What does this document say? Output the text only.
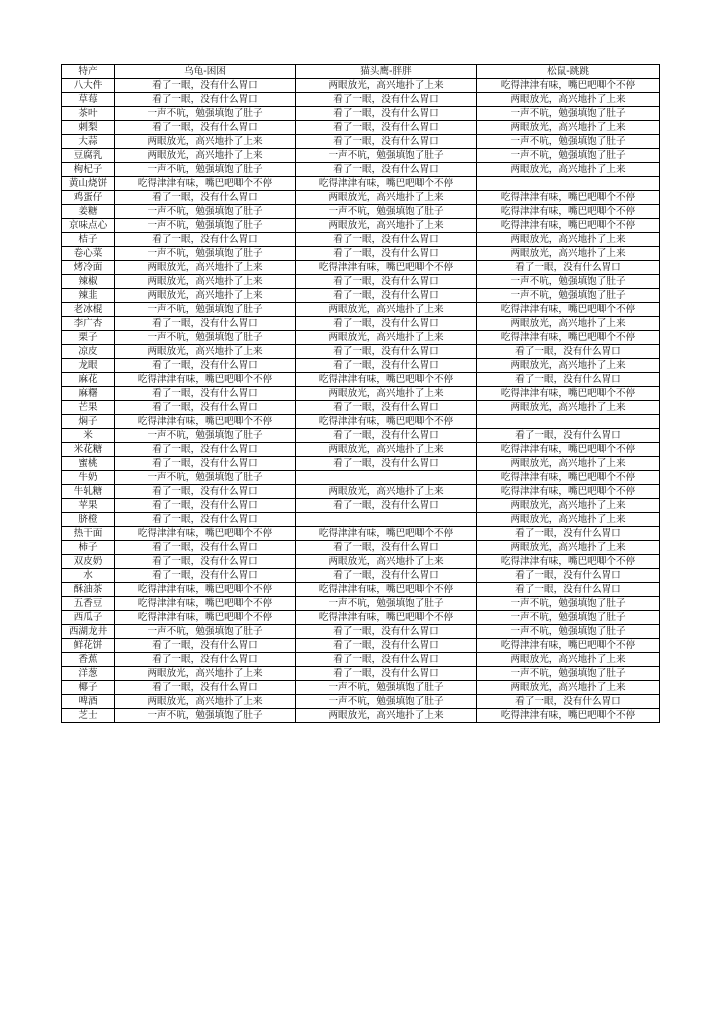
特产	乌龟-困困	猫头鹰-胖胖	松鼠-跳跳
八大件	看了一眼，没有什么胃口	两眼放光，高兴地扑了上来	吃得津津有味，嘴巴吧唧个不停
草莓	看了一眼，没有什么胃口	看了一眼，没有什么胃口	两眼放光，高兴地扑了上来
茶叶	一声不吭，勉强填饱了肚子	看了一眼，没有什么胃口	一声不吭，勉强填饱了肚子
刺梨	看了一眼，没有什么胃口	看了一眼，没有什么胃口	两眼放光，高兴地扑了上来
大蒜	两眼放光，高兴地扑了上来	看了一眼，没有什么胃口	一声不吭，勉强填饱了肚子
豆腐乳	两眼放光，高兴地扑了上来	一声不吭，勉强填饱了肚子	一声不吭，勉强填饱了肚子
枸杞子	一声不吭，勉强填饱了肚子	看了一眼，没有什么胃口	两眼放光，高兴地扑了上来
黄山烧饼	吃得津津有味，嘴巴吧唧个不停	吃得津津有味，嘴巴吧唧个不停	
鸡蛋仔	看了一眼，没有什么胃口	两眼放光，高兴地扑了上来	吃得津津有味，嘴巴吧唧个不停
姜糖	一声不吭，勉强填饱了肚子	一声不吭，勉强填饱了肚子	吃得津津有味，嘴巴吧唧个不停
京味点心	一声不吭，勉强填饱了肚子	两眼放光，高兴地扑了上来	吃得津津有味，嘴巴吧唧个不停
桔子	看了一眼，没有什么胃口	看了一眼，没有什么胃口	两眼放光，高兴地扑了上来
卷心菜	一声不吭，勉强填饱了肚子	看了一眼，没有什么胃口	两眼放光，高兴地扑了上来
烤冷面	两眼放光，高兴地扑了上来	吃得津津有味，嘴巴吧唧个不停	看了一眼，没有什么胃口
辣椒	两眼放光，高兴地扑了上来	看了一眼，没有什么胃口	一声不吭，勉强填饱了肚子
辣韭	两眼放光，高兴地扑了上来	看了一眼，没有什么胃口	一声不吭，勉强填饱了肚子
老冰棍	一声不吭，勉强填饱了肚子	两眼放光，高兴地扑了上来	吃得津津有味，嘴巴吧唧个不停
李广杏	看了一眼，没有什么胃口	看了一眼，没有什么胃口	两眼放光，高兴地扑了上来
栗子	一声不吭，勉强填饱了肚子	两眼放光，高兴地扑了上来	吃得津津有味，嘴巴吧唧个不停
凉皮	两眼放光，高兴地扑了上来	看了一眼，没有什么胃口	看了一眼，没有什么胃口
龙眼	看了一眼，没有什么胃口	看了一眼，没有什么胃口	两眼放光，高兴地扑了上来
麻花	吃得津津有味，嘴巴吧唧个不停	吃得津津有味，嘴巴吧唧个不停	看了一眼，没有什么胃口
麻糬	看了一眼，没有什么胃口	两眼放光，高兴地扑了上来	吃得津津有味，嘴巴吧唧个不停
芒果	看了一眼，没有什么胃口	看了一眼，没有什么胃口	两眼放光，高兴地扑了上来
焖子	吃得津津有味，嘴巴吧唧个不停	吃得津津有味，嘴巴吧唧个不停	
米	一声不吭，勉强填饱了肚子	看了一眼，没有什么胃口	看了一眼，没有什么胃口
米花糖	看了一眼，没有什么胃口	两眼放光，高兴地扑了上来	吃得津津有味，嘴巴吧唧个不停
蜜桃	看了一眼，没有什么胃口	看了一眼，没有什么胃口	两眼放光，高兴地扑了上来
牛奶	一声不吭，勉强填饱了肚子		吃得津津有味，嘴巴吧唧个不停
牛轧糖	看了一眼，没有什么胃口	两眼放光，高兴地扑了上来	吃得津津有味，嘴巴吧唧个不停
苹果	看了一眼，没有什么胃口	看了一眼，没有什么胃口	两眼放光，高兴地扑了上来
脐橙	看了一眼，没有什么胃口		两眼放光，高兴地扑了上来
热干面	吃得津津有味，嘴巴吧唧个不停	吃得津津有味，嘴巴吧唧个不停	看了一眼，没有什么胃口
柿子	看了一眼，没有什么胃口	看了一眼，没有什么胃口	两眼放光，高兴地扑了上来
双皮奶	看了一眼，没有什么胃口	两眼放光，高兴地扑了上来	吃得津津有味，嘴巴吧唧个不停
水	看了一眼，没有什么胃口	看了一眼，没有什么胃口	看了一眼，没有什么胃口
酥油茶	吃得津津有味，嘴巴吧唧个不停	吃得津津有味，嘴巴吧唧个不停	看了一眼，没有什么胃口
五香豆	吃得津津有味，嘴巴吧唧个不停	一声不吭，勉强填饱了肚子	一声不吭，勉强填饱了肚子
西瓜子	吃得津津有味，嘴巴吧唧个不停	吃得津津有味，嘴巴吧唧个不停	一声不吭，勉强填饱了肚子
西湖龙井	一声不吭，勉强填饱了肚子	看了一眼，没有什么胃口	一声不吭，勉强填饱了肚子
鲜花饼	看了一眼，没有什么胃口	看了一眼，没有什么胃口	吃得津津有味，嘴巴吧唧个不停
香蕉	看了一眼，没有什么胃口	看了一眼，没有什么胃口	两眼放光，高兴地扑了上来
洋葱	两眼放光，高兴地扑了上来	看了一眼，没有什么胃口	一声不吭，勉强填饱了肚子
椰子	看了一眼，没有什么胃口	一声不吭，勉强填饱了肚子	两眼放光，高兴地扑了上来
啤酒	两眼放光，高兴地扑了上来	一声不吭，勉强填饱了肚子	看了一眼，没有什么胃口
芝士	一声不吭，勉强填饱了肚子	两眼放光，高兴地扑了上来	吃得津津有味，嘴巴吧唧个不停
